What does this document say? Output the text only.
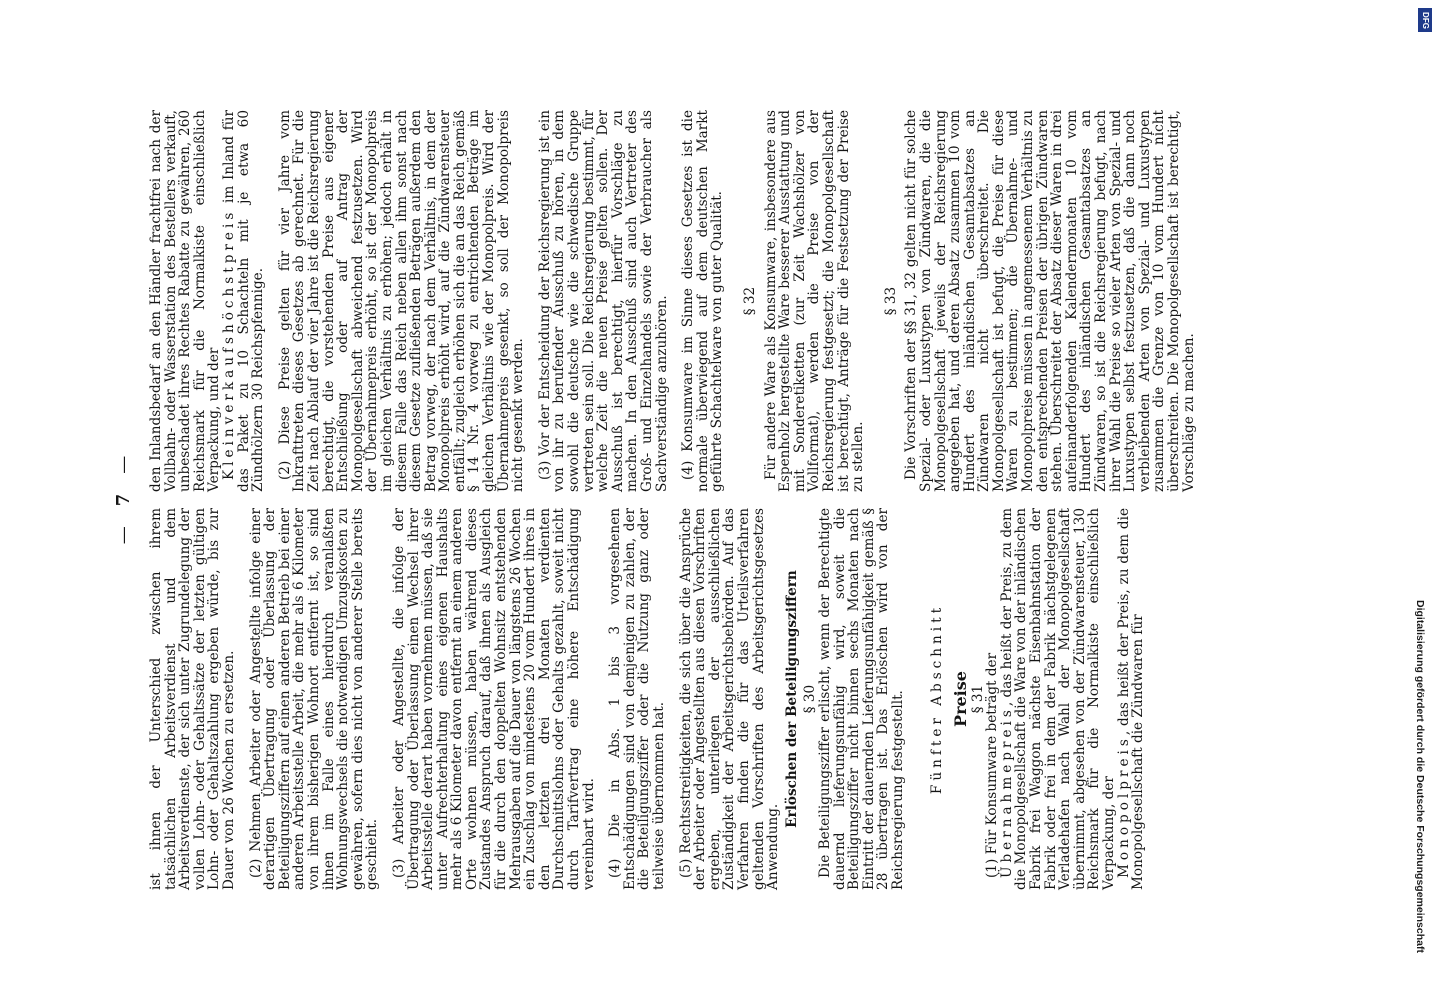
—7—

ist ihnen der Unterschied zwischen ihrem tatsächlichen Arbeitsverdienst und dem Arbeitsverdienste, der sich unter Zugrundelegung der vollen Lohn- oder Gehaltssätze der letzten gültigen Lohn- oder Gehaltszahlung ergeben würde, bis zur Dauer von 26 Wochen zu ersetzen. (2) Nehmen Arbeiter oder Angestellte infolge einer derartigen Übertragung oder Überlassung der Beteiligungsziffern auf einen anderen Betrieb bei einer anderen Arbeitsstelle Arbeit, die mehr als 6 Kilometer von ihrem bisherigen Wohnort entfernt ist, so sind ihnen im Falle eines hierdurch veranlaßten Wohnungswechsels die notwendigen Umzugskosten zu gewähren, sofern dies nicht von anderer Stelle bereits geschieht. (3) Arbeiter oder Angestellte, die infolge der Übertragung oder Überlassung einen Wechsel ihrer Arbeitsstelle derart haben vornehmen müssen, daß sie unter Aufrechterhaltung eines eigenen Haushalts mehr als 6 Kilometer davon entfernt an einem anderen Orte wohnen müssen, haben während dieses Zustandes Anspruch darauf, daß ihnen als Ausgleich für die durch den doppelten Wohnsitz entstehenden Mehrausgaben auf die Dauer von längstens 26 Wochen ein Zuschlag von mindestens 20 vom Hundert ihres in den letzten drei Monaten verdienten Durchschnittslohns oder Gehalts gezahlt, soweit nicht durch Tarifvertrag eine höhere Entschädigung vereinbart wird. (4) Die in Abs. 1 bis 3 vorgesehenen Entschädigungen sind von demjenigen zu zahlen, der die Beteiligungsziffer oder die Nutzung ganz oder teilweise übernommen hat. (5) Rechtsstreitigkeiten, die sich über die Ansprüche der Arbeiter oder Angestellten aus diesen Vorschriften ergeben, unterliegen der ausschließlichen Zuständigkeit der Arbeitsgerichtsbehörden. Auf das Verfahren finden die für das Urteilsverfahren geltenden Vorschriften des Arbeitsgerichtsgesetzes Anwendung.

Erlöschen der Beteiligungsziffern § 30

Die Beteiligungsziffer erlischt, wenn der Berechtigte dauernd lieferungsunfähig wird, soweit die Beteiligungsziffer nicht binnen sechs Monaten nach Eintritt der dauernden Lieferungsunfähigkeit gemäß § 28 übertragen ist. Das Erlöschen wird von der Reichsregierung festgestellt. Fünfter Abschnitt Preise § 31

(1) Für Konsumware beträgt der

Übernahmepreis, das heißt der Preis, zu dem die Monopolgesellschaft die Ware von der inländischen Fabrik frei Waggon nächste Eisenbahnstation der Fabrik oder frei in dem der Fabrik nächstgelegenen Verladehafen nach Wahl der Monopolgesellschaft übernimmt, abgesehen von der Zündwarensteuer, 130 Reichsmark für die Normalkiste einschließlich Verpackung, der

Monopolpreis, das heißt der Preis, zu dem die Monopolgesellschaft die Zündwaren für

den Inlandsbedarf an den Händler frachtfrei nach der Vollbahn- oder Wasserstation des Bestellers verkauft, unbeschadet ihres Rechtes Rabatte zu gewähren, 260 Reichsmark für die Normalkiste einschließlich Verpackung, und der

Kleinverkaufshöchstpreis im Inland für das Paket zu 10 Schachteln mit je etwa 60 Zündhölzern 30 Reichspfennige. (2) Diese Preise gelten für vier Jahre vom Inkrafttreten dieses Gesetzes ab gerechnet. Für die Zeit nach Ablauf der vier Jahre ist die Reichsregierung berechtigt, die vorstehenden Preise aus eigener Entschließung oder auf Antrag der Monopolgesellschaft abweichend festzusetzen. Wird der Übernahmepreis erhöht, so ist der Monopolpreis im gleichen Verhältnis zu erhöhen; jedoch erhält in diesem Falle das Reich neben allen ihm sonst nach diesem Gesetze zufließenden Beträgen außerdem den Betrag vorweg, der nach dem Verhältnis, in dem der Monopolpreis erhöht wird, auf die Zündwarensteuer entfällt; zugleich erhöhen sich die an das Reich gemäß § 14 Nr. 4 vorweg zu entrichtenden Beträge im gleichen Verhältnis wie der Monopolpreis. Wird der Übernahmepreis gesenkt, so soll der Monopolpreis nicht gesenkt werden. (3) Vor der Entscheidung der Reichsregierung ist ein von ihr zu berufender Ausschuß zu hören, in dem sowohl die deutsche wie die schwedische Gruppe vertreten sein soll. Die Reichsregierung bestimmt, für welche Zeit die neuen Preise gelten sollen. Der Ausschuß ist berechtigt, hierfür Vorschläge zu machen. In den Ausschuß sind auch Vertreter des Groß- und Einzelhandels sowie der Verbraucher als Sachverständige anzuhören. (4) Konsumware im Sinne dieses Gesetzes ist die normale überwiegend auf dem deutschen Markt geführte Schachtelware von guter Qualität. § 32 Für andere Ware als Konsumware, insbesondere aus Espenholz hergestellte Ware besserer Ausstattung und mit Sonderetiketten (zur Zeit Wachshölzer von Vollformat), werden die Preise von der Reichsregierung festgesetzt; die Monopolgesellschaft ist berechtigt, Anträge für die Festsetzung der Preise zu stellen.

§ 33 Die Vorschriften der §§ 31, 32 gelten nicht für solche Spezial- oder Luxustypen von Zündwaren, die die Monopolgesellschaft jeweils der Reichsregierung angegeben hat, und deren Absatz zusammen 10 vom Hundert des inländischen Gesamtabsatzes an Zündwaren nicht überschreitet. Die Monopolgesellschaft ist befugt, die Preise für diese Waren zu bestimmen; die Übernahme- und Monopolpreise müssen in angemessenem Verhältnis zu den entsprechenden Preisen der übrigen Zündwaren stehen. Überschreitet der Absatz dieser Waren in drei aufeinanderfolgenden Kalendermonaten 10 vom Hundert des inländischen Gesamtabsatzes an Zündwaren, so ist die Reichsregierung befugt, nach ihrer Wahl die Preise so vieler Arten von Spezial- und Luxustypen selbst festzusetzen, daß die dann noch verbleibenden Arten von Spezial- und Luxustypen zusammen die Grenze von 10 vom Hundert nicht überschreiten. Die Monopolgesellschaft ist berechtigt, Vorschläge zu machen.

DFG
Digitalisierung gefördert durch die Deutsche Forschungsgemeinschaft
